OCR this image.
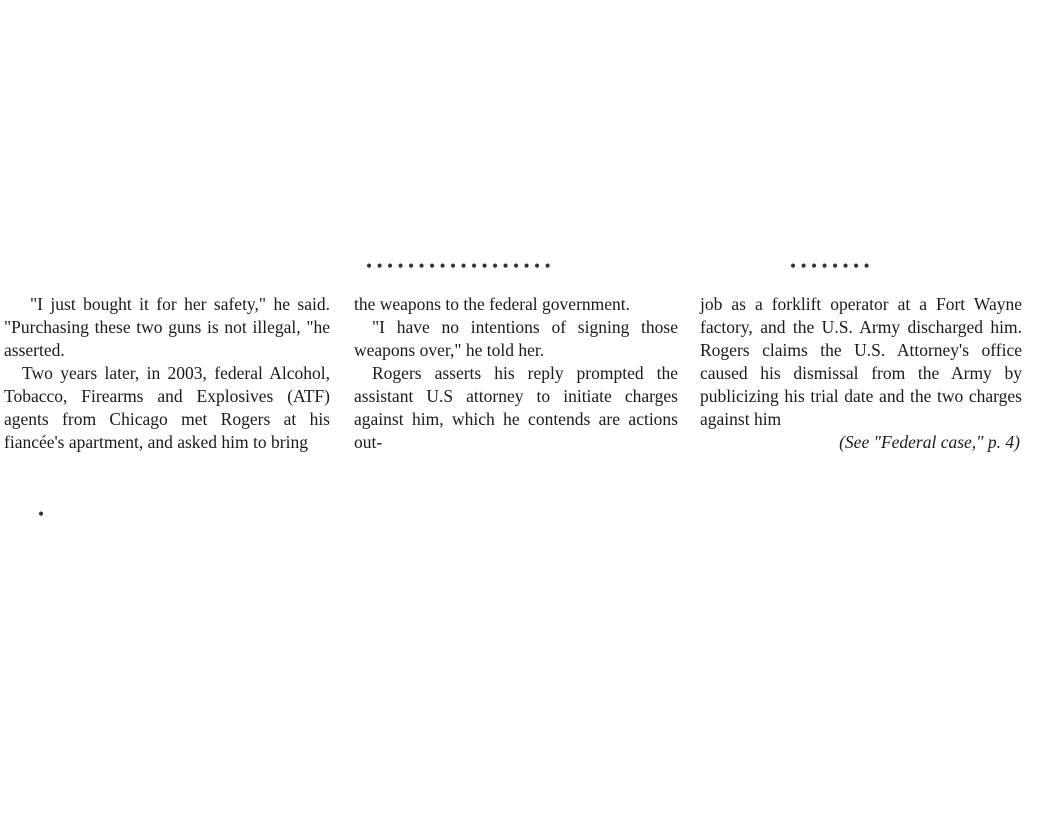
• • • • • • • • • • • • • • • • • •	• • • • • • • •

"I just bought it for her safety," he said. "Purchasing these two guns is not illegal, "he asserted.

Two years later, in 2003, federal Alcohol, Tobacco, Firearms and Explosives (ATF) agents from Chicago met Rogers at his fiancée's apartment, and asked him to bring

the weapons to the federal government.

"I have no intentions of signing those weapons over," he told her.

Rogers asserts his reply prompted the assistant U.S attorney to initiate charges against him, which he contends are actions out-

job as a forklift operator at a Fort Wayne factory, and the U.S. Army discharged him. Rogers claims the U.S. Attorney's office caused his dismissal from the Army by publicizing his trial date and the two charges against him

(See "Federal case," p. 4)

•
